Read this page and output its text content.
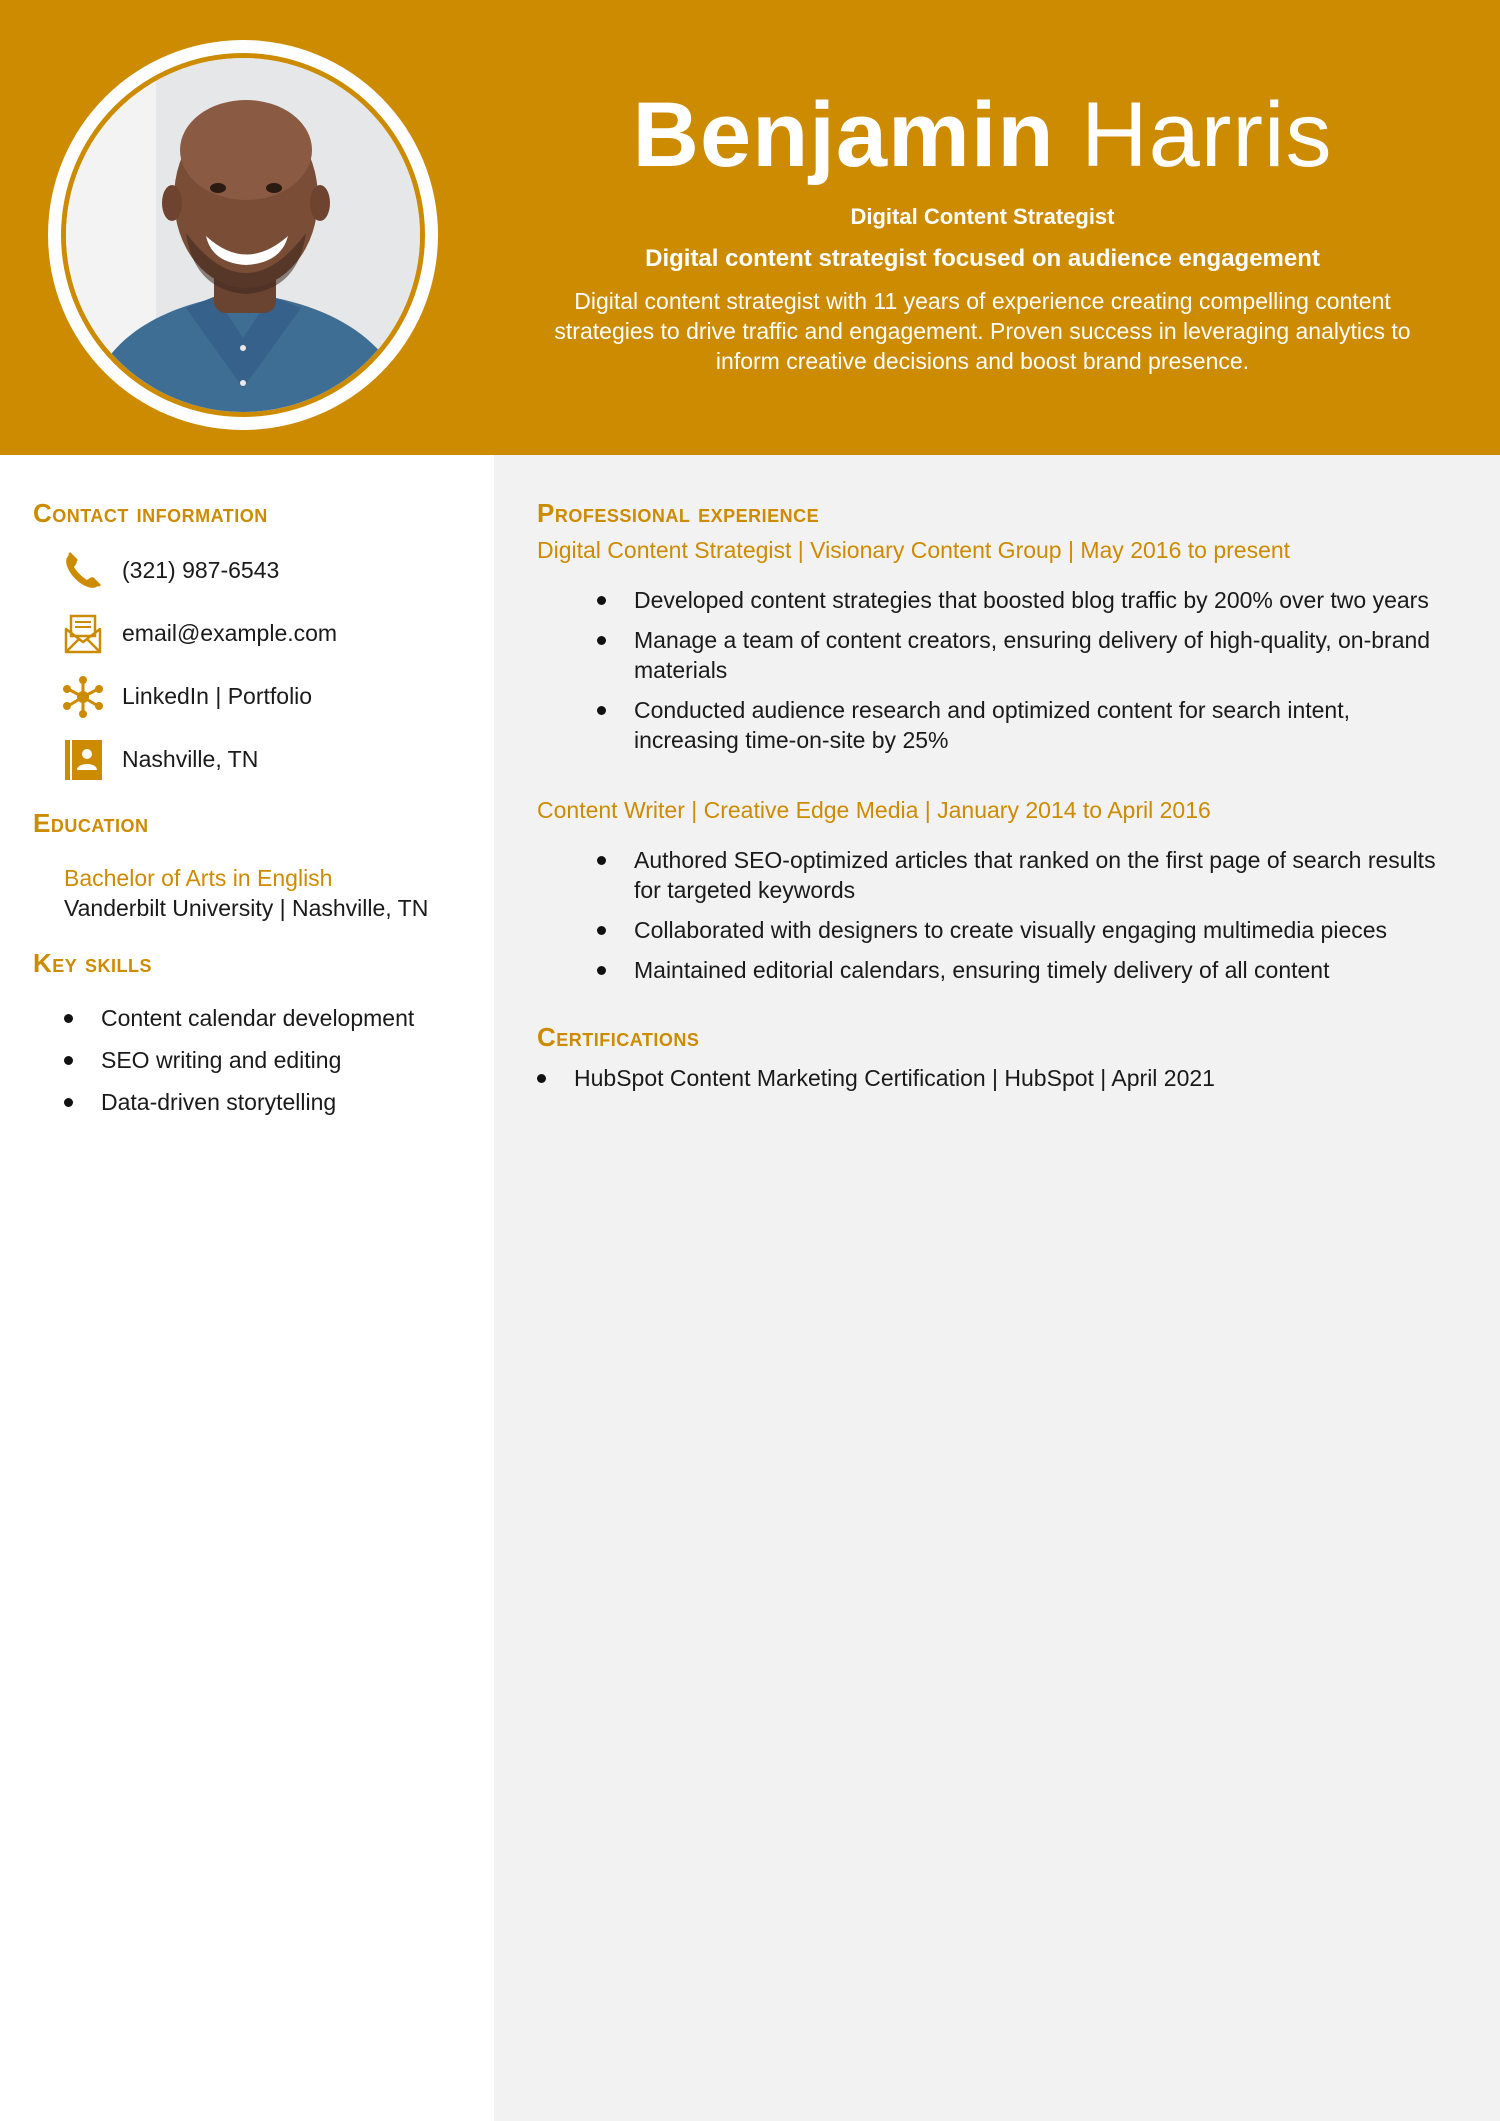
Benjamin Harris
Digital Content Strategist
Digital content strategist focused on audience engagement
Digital content strategist with 11 years of experience creating compelling content strategies to drive traffic and engagement. Proven success in leveraging analytics to inform creative decisions and boost brand presence.
Contact information
(321) 987-6543
email@example.com
LinkedIn | Portfolio
Nashville, TN
Education
Bachelor of Arts in English
Vanderbilt University | Nashville, TN
Key skills
Content calendar development
SEO writing and editing
Data-driven storytelling
Professional experience
Digital Content Strategist | Visionary Content Group | May 2016 to present
Developed content strategies that boosted blog traffic by 200% over two years
Manage a team of content creators, ensuring delivery of high-quality, on-brand materials
Conducted audience research and optimized content for search intent, increasing time-on-site by 25%
Content Writer | Creative Edge Media | January 2014 to April 2016
Authored SEO-optimized articles that ranked on the first page of search results for targeted keywords
Collaborated with designers to create visually engaging multimedia pieces
Maintained editorial calendars, ensuring timely delivery of all content
Certifications
HubSpot Content Marketing Certification | HubSpot | April 2021
